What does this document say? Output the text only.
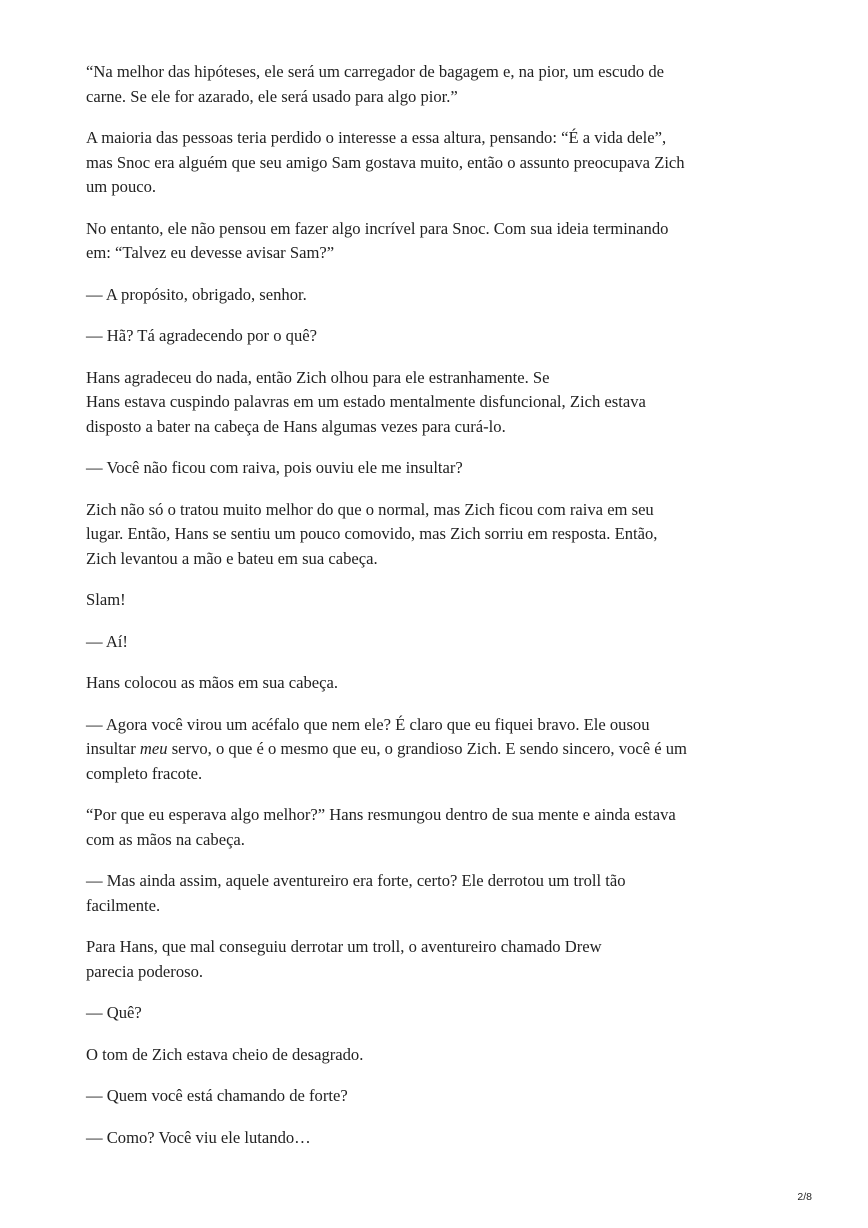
“Na melhor das hipóteses, ele será um carregador de bagagem e, na pior, um escudo de
carne. Se ele for azarado, ele será usado para algo pior.”

A maioria das pessoas teria perdido o interesse a essa altura, pensando: “É a vida dele”,
mas Snoc era alguém que seu amigo Sam gostava muito, então o assunto preocupava Zich
um pouco.

No entanto, ele não pensou em fazer algo incrível para Snoc. Com sua ideia terminando
em: “Talvez eu devesse avisar Sam?”

— A propósito, obrigado, senhor.

— Hã? Tá agradecendo por o quê?

Hans agradeceu do nada, então Zich olhou para ele estranhamente. Se
Hans estava cuspindo palavras em um estado mentalmente disfuncional, Zich estava
disposto a bater na cabeça de Hans algumas vezes para curá-lo.

— Você não ficou com raiva, pois ouviu ele me insultar?

Zich não só o tratou muito melhor do que o normal, mas Zich ficou com raiva em seu
lugar. Então, Hans se sentiu um pouco comovido, mas Zich sorriu em resposta. Então,
Zich levantou a mão e bateu em sua cabeça.

Slam!

— Aí!

Hans colocou as mãos em sua cabeça.

— Agora você virou um acéfalo que nem ele? É claro que eu fiquei bravo. Ele ousou
insultar meu servo, o que é o mesmo que eu, o grandioso Zich. E sendo sincero, você é um
completo fracote.

“Por que eu esperava algo melhor?” Hans resmungou dentro de sua mente e ainda estava
com as mãos na cabeça.

— Mas ainda assim, aquele aventureiro era forte, certo? Ele derrotou um troll tão
facilmente.

Para Hans, que mal conseguiu derrotar um troll, o aventureiro chamado Drew
parecia poderoso.

— Quê?

O tom de Zich estava cheio de desagrado.

— Quem você está chamando de forte?

— Como? Você viu ele lutando…

2/8
